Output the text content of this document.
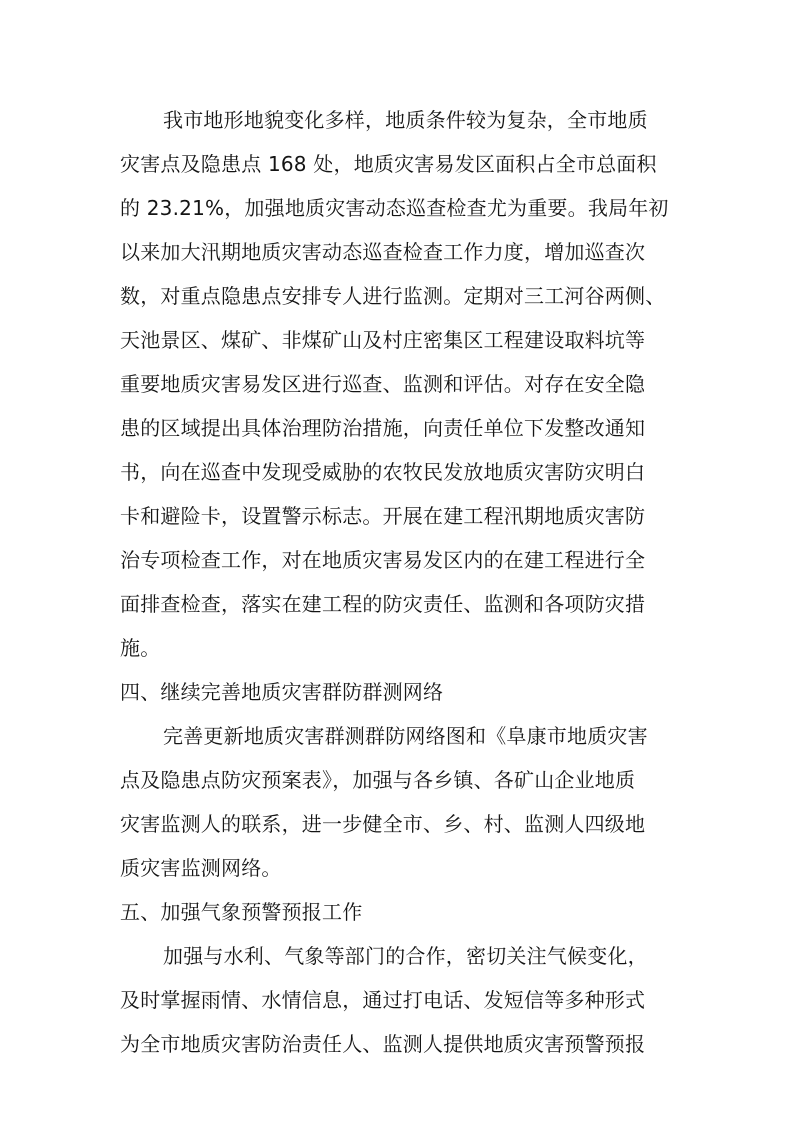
我市地形地貌变化多样，地质条件较为复杂，全市地质
灾害点及隐患点 168 处，地质灾害易发区面积占全市总面积
的 23.21%，加强地质灾害动态巡查检查尤为重要。我局年初
以来加大汛期地质灾害动态巡查检查工作力度，增加巡查次
数，对重点隐患点安排专人进行监测。定期对三工河谷两侧、
天池景区、煤矿、非煤矿山及村庄密集区工程建设取料坑等
重要地质灾害易发区进行巡查、监测和评估。对存在安全隐
患的区域提出具体治理防治措施，向责任单位下发整改通知
书，向在巡查中发现受威胁的农牧民发放地质灾害防灾明白
卡和避险卡，设置警示标志。开展在建工程汛期地质灾害防
治专项检查工作，对在地质灾害易发区内的在建工程进行全
面排查检查，落实在建工程的防灾责任、监测和各项防灾措
施。
四、继续完善地质灾害群防群测网络
完善更新地质灾害群测群防网络图和《阜康市地质灾害
点及隐患点防灾预案表》，加强与各乡镇、各矿山企业地质
灾害监测人的联系，进一步健全市、乡、村、监测人四级地
质灾害监测网络。
五、加强气象预警预报工作
加强与水利、气象等部门的合作，密切关注气候变化，
及时掌握雨情、水情信息，通过打电话、发短信等多种形式
为全市地质灾害防治责任人、监测人提供地质灾害预警预报
